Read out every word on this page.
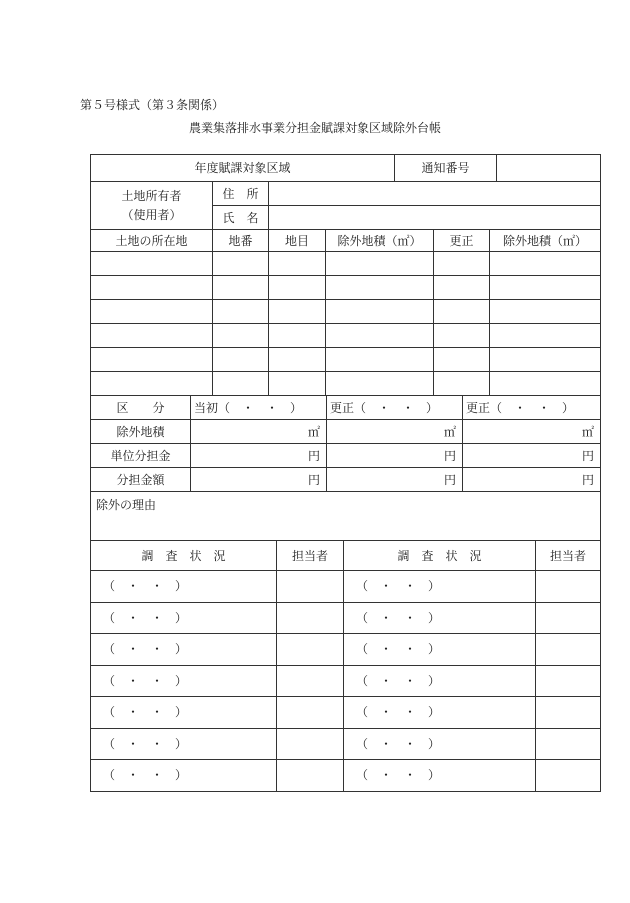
第５号様式（第３条関係）
農業集落排水事業分担金賦課対象区域除外台帳
年度賦課対象区域	通知番号	
土地所有者
（使用者）	住　所	
	氏　名	
土地の所在地	地番	地目	除外地積（㎡）	更正	除外地積（㎡）

区　　分	当初（　・　・　）	更正（　・　・　）	更正（　・　・　）
除外地積	㎡	㎡	㎡
単位分担金	円	円	円
分担金額	円	円	円
除外の理由
調　査　状　況	担当者	調　査　状　況	担当者
（　・　・　）		（　・　・　）	
（　・　・　）		（　・　・　）	
（　・　・　）		（　・　・　）	
（　・　・　）		（　・　・　）	
（　・　・　）		（　・　・　）	
（　・　・　）		（　・　・　）	
（　・　・　）		（　・　・　）	
